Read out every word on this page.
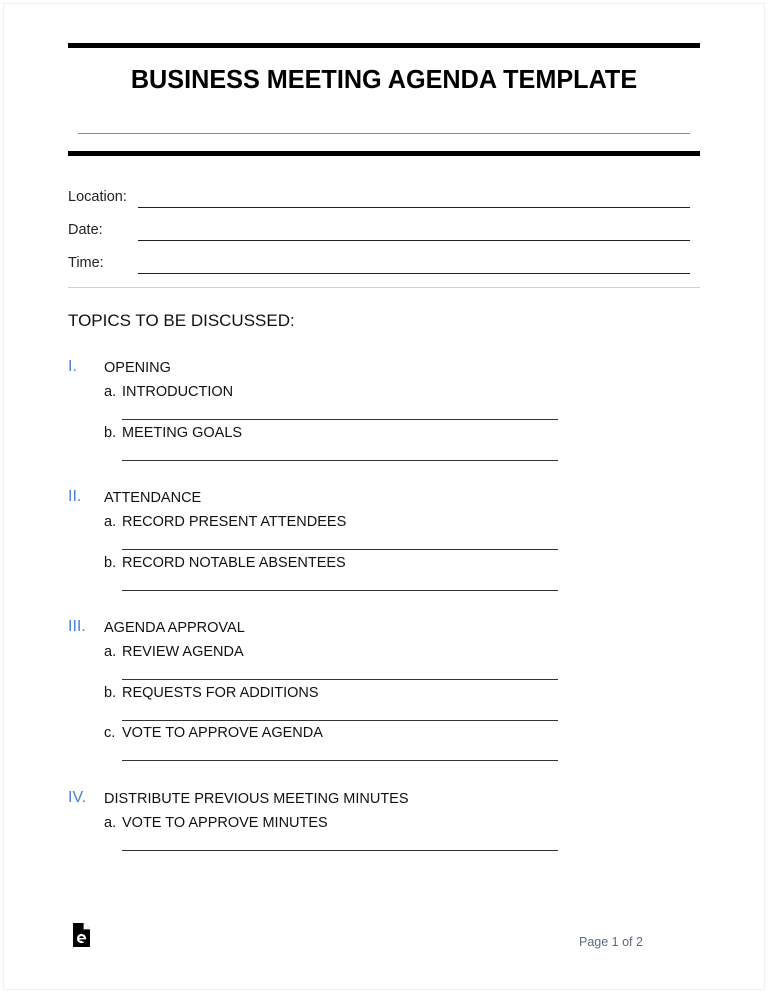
BUSINESS MEETING AGENDA TEMPLATE
Location:
Date:
Time:
TOPICS TO BE DISCUSSED:
I. OPENING
a. INTRODUCTION
b. MEETING GOALS
II. ATTENDANCE
a. RECORD PRESENT ATTENDEES
b. RECORD NOTABLE ABSENTEES
III. AGENDA APPROVAL
a. REVIEW AGENDA
b. REQUESTS FOR ADDITIONS
c. VOTE TO APPROVE AGENDA
IV. DISTRIBUTE PREVIOUS MEETING MINUTES
a. VOTE TO APPROVE MINUTES
Page 1 of 2
